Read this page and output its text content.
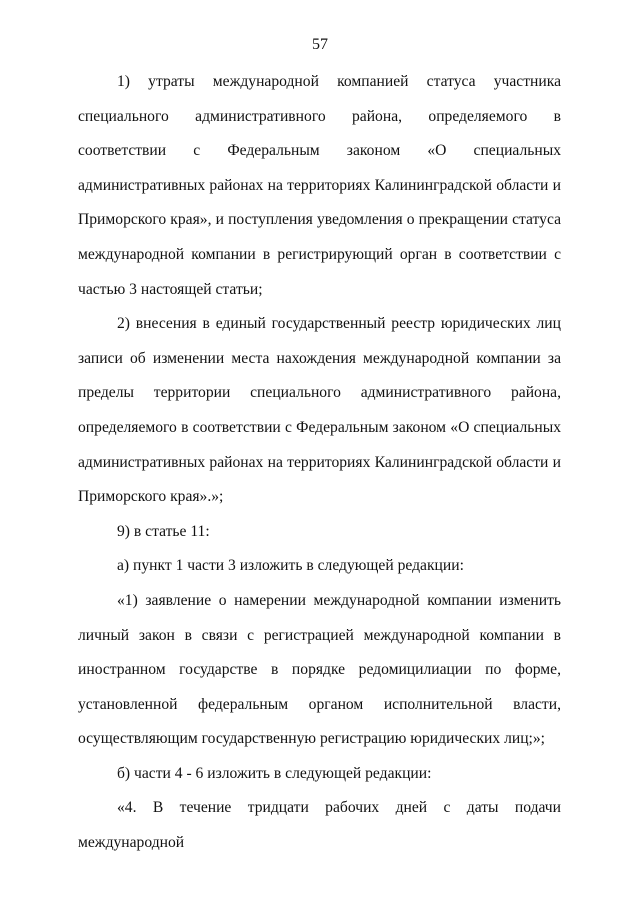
57

1) утраты международной компанией статуса участника специального административного района, определяемого в соответствии с Федеральным законом «О специальных административных районах на территориях Калининградской области и Приморского края», и поступления уведомления о прекращении статуса международной компании в регистрирующий орган в соответствии с частью 3 настоящей статьи;

2) внесения в единый государственный реестр юридических лиц записи об изменении места нахождения международной компании за пределы территории специального административного района, определяемого в соответствии с Федеральным законом «О специальных административных районах на территориях Калининградской области и Приморского края».»;

9) в статье 11:

а) пункт 1 части 3 изложить в следующей редакции:

«1) заявление о намерении международной компании изменить личный закон в связи с регистрацией международной компании в иностранном государстве в порядке редомицилиации по форме, установленной федеральным органом исполнительной власти, осуществляющим государственную регистрацию юридических лиц;»;

б) части 4 - 6 изложить в следующей редакции:

«4. В течение тридцати рабочих дней с даты подачи международной
